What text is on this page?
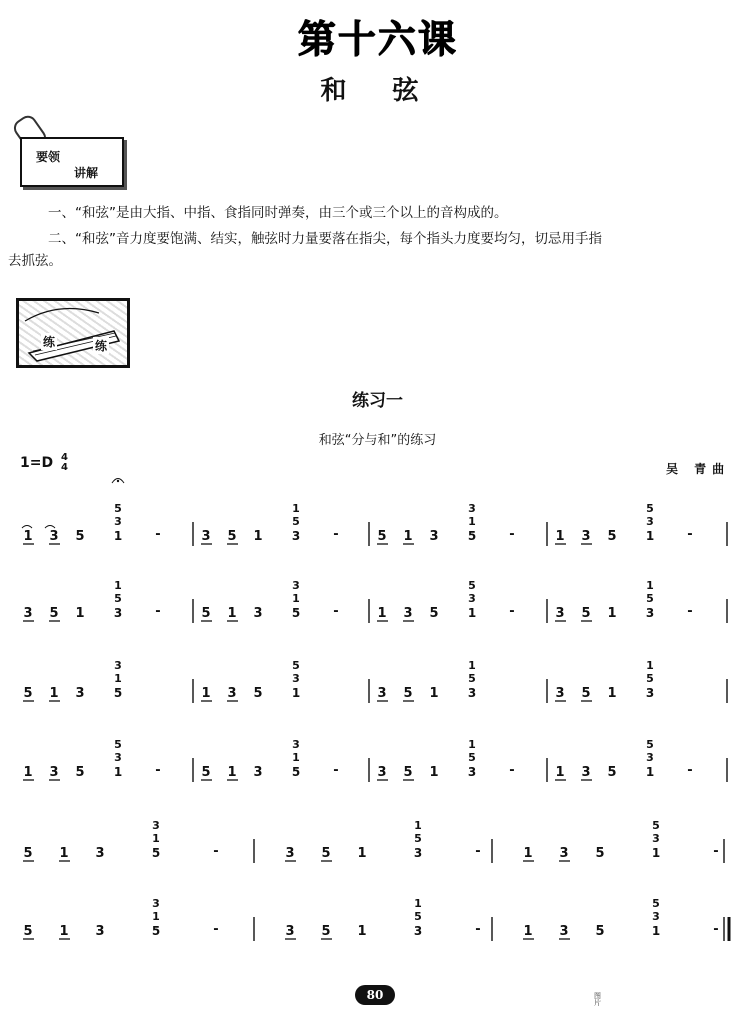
第十六课
和弦
要领
讲解
一、“和弦”是由大指、中指、食指同时弹奏，由三个或三个以上的音构成的。
二、“和弦”音力度要饱满、结实，触弦时力量要落在指尖，每个指头力度要均匀，切忌用手指
去抓弦。
练	练
练习一
和弦“分与和”的练习
1=D 4
4	吴 青曲
1 3 5
5
3
1	-	3 5 1
1
5
3	-	5 1 3
3
1
5	-	1 3 5
5
3
1	-
3 5 1
1
5
3	-	5 1 3
3
1
5	-	1 3 5
5
3
1	-	3 5 1
1
5
3	-
5 1 3
3
1
5	1 3 5
5
3
1	3 5 1
1
5
3	3 5 1
1
5
3
1 3 5
5
3
1	-	5 1 3
3
1
5	-	3 5 1
1
5
3	-	1 3 5
5
3
1	-
5 1 3
3
1
5	-	3 5 1
1
5
3	-	1 3 5
5
3
1	-
5 1 3
3
1
5	-	3 5 1
1
5
3	-	1 3 5
5
3
1	-
80	图片
